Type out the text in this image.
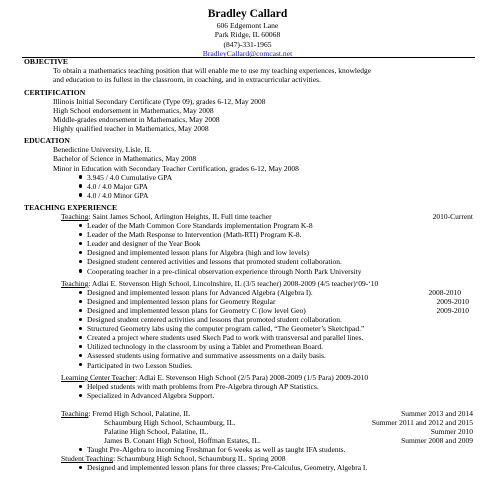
Bradley Callard
606 Edgemont Lane
Park Ridge, IL 60068
(847)-331-1965
BradleyCallard@comcast.net
OBJECTIVE
To obtain a mathematics teaching position that will enable me to use my teaching experiences, knowledge
and education to its fullest in the classroom, in coaching, and in extracurricular activities.
CERTIFICATION
Illinois Initial Secondary Certificate (Type 09), grades 6-12, May 2008
High School endorsement in Mathematics, May 2008
Middle-grades endorsement in Mathematics, May 2008
Highly qualified teacher in Mathematics, May 2008
EDUCATION
Benedictine University, Lisle, IL
Bachelor of Science in Mathematics, May 2008
Minor in Education with Secondary Teacher Certification, grades 6-12, May 2008
3.945 / 4.0 Cumulative GPA
4.0 / 4.0 Major GPA
4.0 / 4.0 Minor GPA
TEACHING EXPERIENCE
Teaching: Saint James School, Arlington Heights, IL Full time teacher	2010-Current
Leader of the Math Common Core Standards implementation Program K-8
Leader of the Math Response to Intervention (Math-RTI) Program K-8.
Leader and designer of the Year Book
Designed and implemented lesson plans for Algebra (high and low levels)
Designed student centered activities and lessons that promoted student collaboration.
Cooperating teacher in a pre-clinical observation experience through North Park University
Teaching: Adlai E. Stevenson High School, Lincolnshire, IL (3/5 teacher) 2008-2009 (4/5 teacher)‘09-‘10
Designed and implemented lesson plans for Advanced Algebra (Algebra I).	2008-2010
Designed and implemented lesson plans for Geometry Regular	2009-2010
Designed and implemented lesson plans for Geometry C (low level Geo)	2009-2010
Designed student centered activities and lessons that promoted student collaboration.
Structured Geometry labs using the computer program called, “The Geometer’s Sketchpad.”
Created a project where students used Skech Pad to work with transversal and parallel lines.
Utilized technology in the classroom by using a Tablet and Promethean Board.
Assessed students using formative and summative assessments on a daily basis.
Participated in two Lesson Studies.
Learning Center Teacher: Adlai E. Stevenson High School (2/5 Para) 2008-2009 (1/5 Para) 2009-2010
Helped students with math problems from Pre-Algebra through AP Statistics.
Specialized in Advanced Algebra Support.
Teaching: Fremd High School, Palatine, IL	Summer 2013 and 2014
Schaumburg High School, Schaumburg, IL.	Summer 2011 and 2012 and 2015
Palatine High School, Palatine, IL.	Summer 2010
James B. Conant High School, Hoffman Estates, IL.	Summer 2008 and 2009
Taught Pre-Algebra to incoming Freshman for 6 weeks as well as taught IFA students.
Student Teaching: Schaumburg High School, Schaumburg IL. Spring 2008
Designed and implemented lesson plans for three classes; Pre-Calculus, Geometry, Algebra I.
